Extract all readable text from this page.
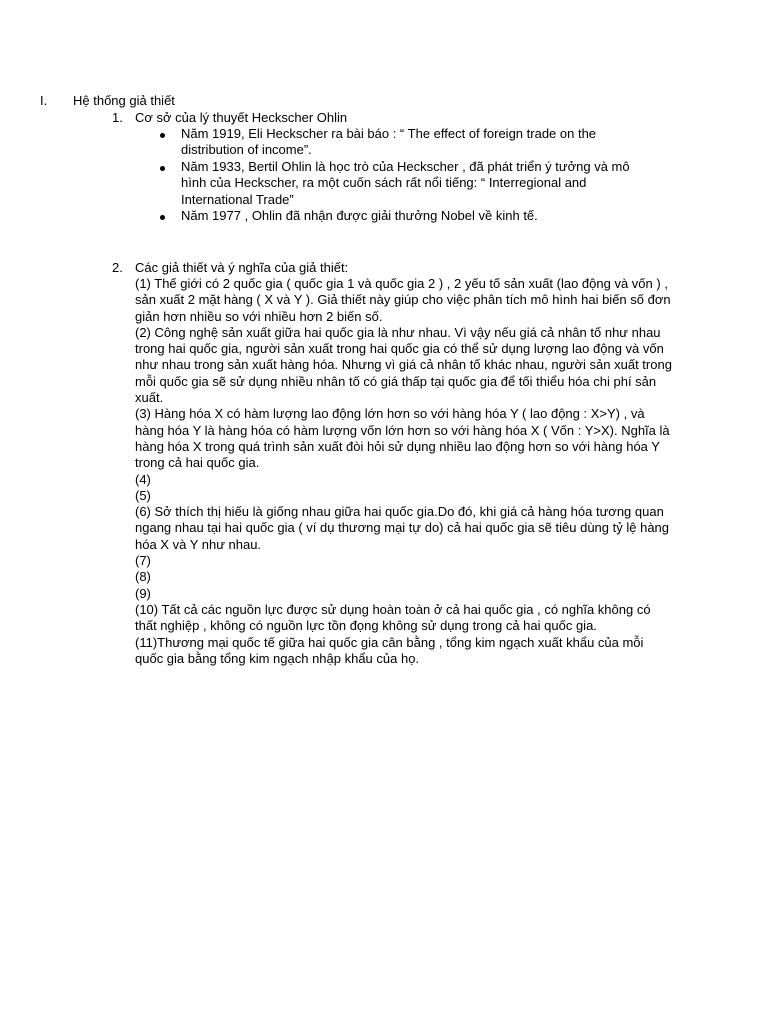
I. Hệ thống giả thiết
1. Cơ sở của lý thuyết Heckscher Ohlin
Năm 1919, Eli Heckscher ra bài báo : “ The effect of foreign trade on the distribution of income”.
Năm 1933, Bertil Ohlin là học trò của Heckscher , đã phát triển ý tưởng và mô hình của Heckscher, ra một cuốn sách rất nổi tiếng: “ Interregional and International Trade”
Năm 1977 , Ohlin đã nhận được giải thưởng Nobel về kinh tế.
2. Các giả thiết và ý nghĩa của giả thiết:

(1) Thế giới có 2 quốc gia ( quốc gia 1 và quốc gia 2 ) , 2 yếu tố sản xuất (lao động và vốn ) , sản xuất 2 mặt hàng ( X và Y ). Giả thiết này giúp cho việc phân tích mô hình hai biến số đơn giản hơn nhiều so với nhiều hơn 2 biến số.

(2) Công nghệ sản xuất giữa hai quốc gia là như nhau. Vì vậy nếu giá cả nhân tố như nhau trong hai quốc gia, người sản xuất trong hai quốc gia có thể sử dụng lượng lao động và vốn như nhau trong sản xuất hàng hóa. Nhưng vì giá cả nhân tố khác nhau, người sản xuất trong mỗi quốc gia sẽ sử dụng nhiều nhân tố có giá thấp tại quốc gia để tối thiểu hóa chi phí sản xuất.

(3) Hàng hóa X có hàm lượng lao động lớn hơn so với hàng hóa Y ( lao động : X>Y) , và hàng hóa Y là hàng hóa có hàm lượng vốn lớn hơn so với hàng hóa X ( Vốn : Y>X). Nghĩa là hàng hóa X trong quá trình sản xuất đòi hỏi sử dụng nhiều lao động hơn so với hàng hóa Y trong cả hai quốc gia.

(4)

(5)

(6) Sở thích thị hiếu là giống nhau giữa hai quốc gia.Do đó, khi giá cả hàng hóa tương quan ngang nhau tại hai quốc gia ( ví dụ thương mại tự do) cả hai quốc gia sẽ tiêu dùng tỷ lệ hàng hóa X và Y như nhau.

(7)

(8)

(9)

(10) Tất cả các nguồn lực được sử dụng hoàn toàn ở cả hai quốc gia , có nghĩa không có thất nghiệp , không có nguồn lực tồn đọng không sử dụng trong cả hai quốc gia.

(11)Thương mại quốc tế giữa hai quốc gia cân bằng , tổng kim ngạch xuất khẩu của mỗi quốc gia bằng tổng kim ngạch nhập khẩu của họ.
